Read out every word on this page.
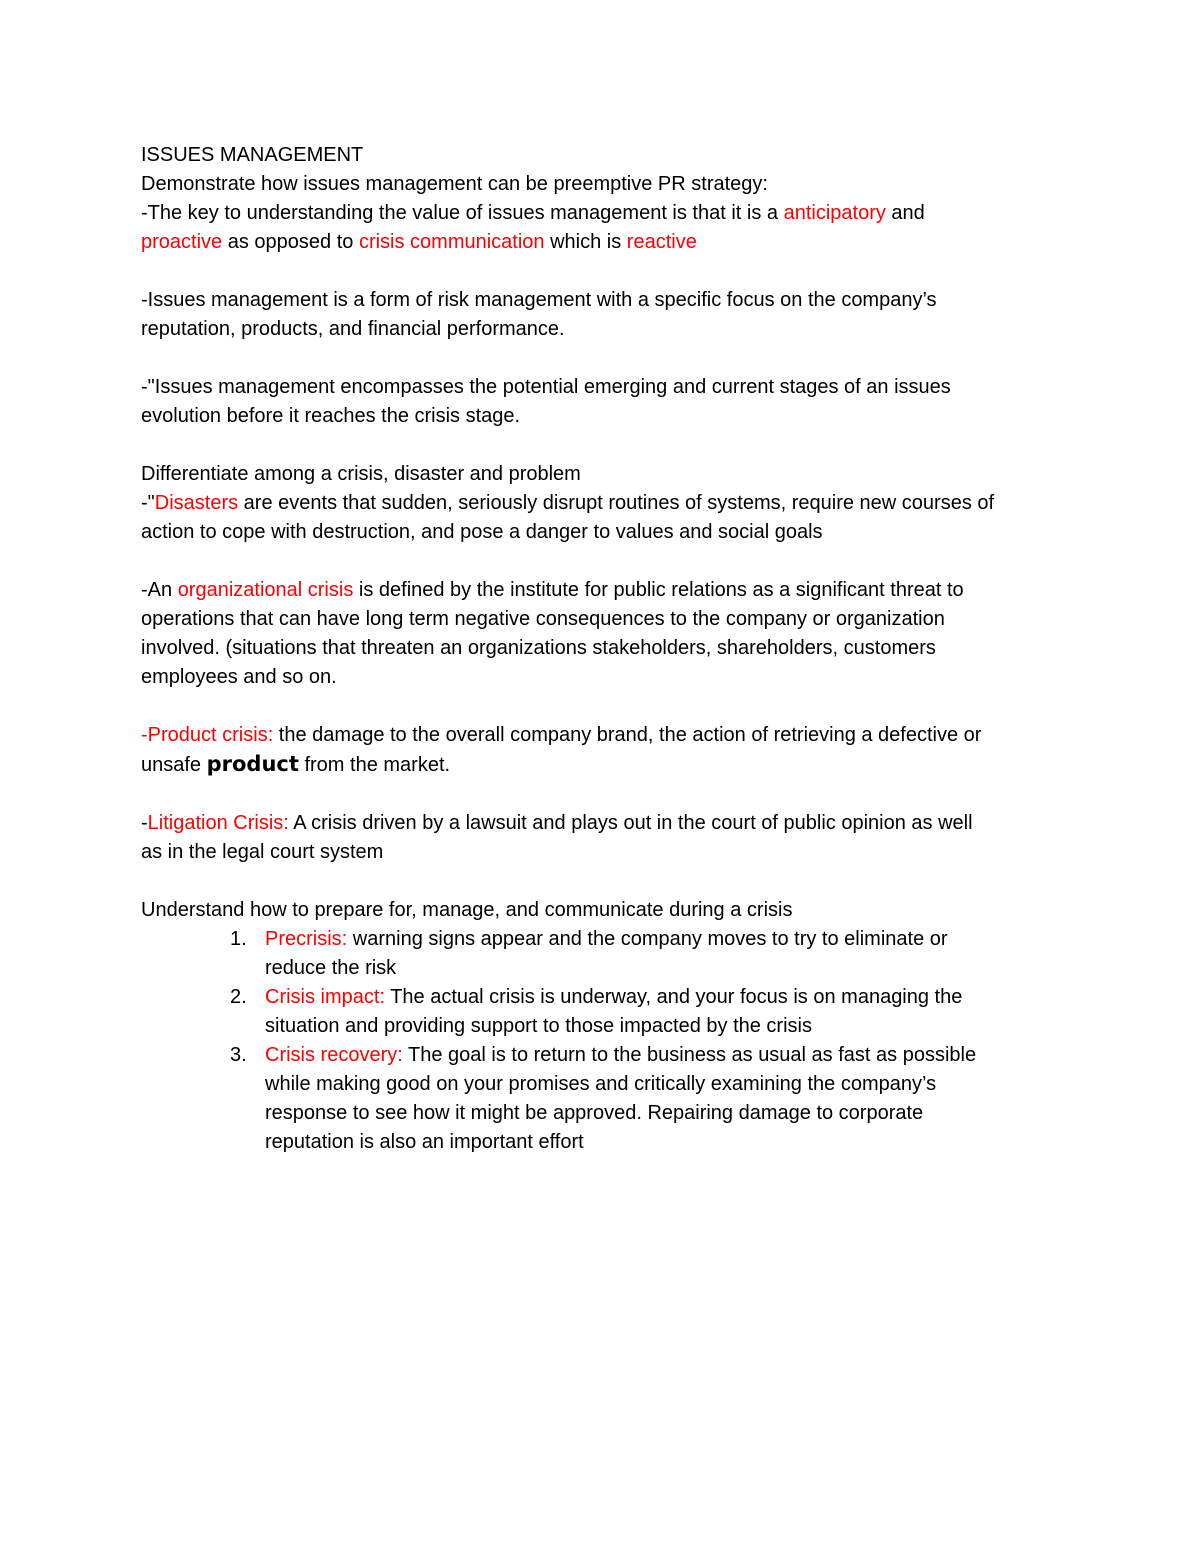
ISSUES MANAGEMENT

Demonstrate how issues management can be preemptive PR strategy:

-The key to understanding the value of issues management is that it is a anticipatory and

proactive as opposed to crisis communication which is reactive

-Issues management is a form of risk management with a specific focus on the company’s

reputation, products, and financial performance.

-"Issues management encompasses the potential emerging and current stages of an issues

evolution before it reaches the crisis stage.

Differentiate among a crisis, disaster and problem

-"Disasters are events that sudden, seriously disrupt routines of systems, require new courses of

action to cope with destruction, and pose a danger to values and social goals

-An organizational crisis is defined by the institute for public relations as a significant threat to

operations that can have long term negative consequences to the company or organization

involved. (situations that threaten an organizations stakeholders, shareholders, customers

employees and so on.

-Product crisis: the damage to the overall company brand, the action of retrieving a defective or

unsafe product from the market.

-Litigation Crisis: A crisis driven by a lawsuit and plays out in the court of public opinion as well

as in the legal court system

Understand how to prepare for, manage, and communicate during a crisis

1. Precrisis: warning signs appear and the company moves to try to eliminate or

reduce the risk

2. Crisis impact: The actual crisis is underway, and your focus is on managing the

situation and providing support to those impacted by the crisis

3. Crisis recovery: The goal is to return to the business as usual as fast as possible

while making good on your promises and critically examining the company’s

response to see how it might be approved. Repairing damage to corporate

reputation is also an important effort
